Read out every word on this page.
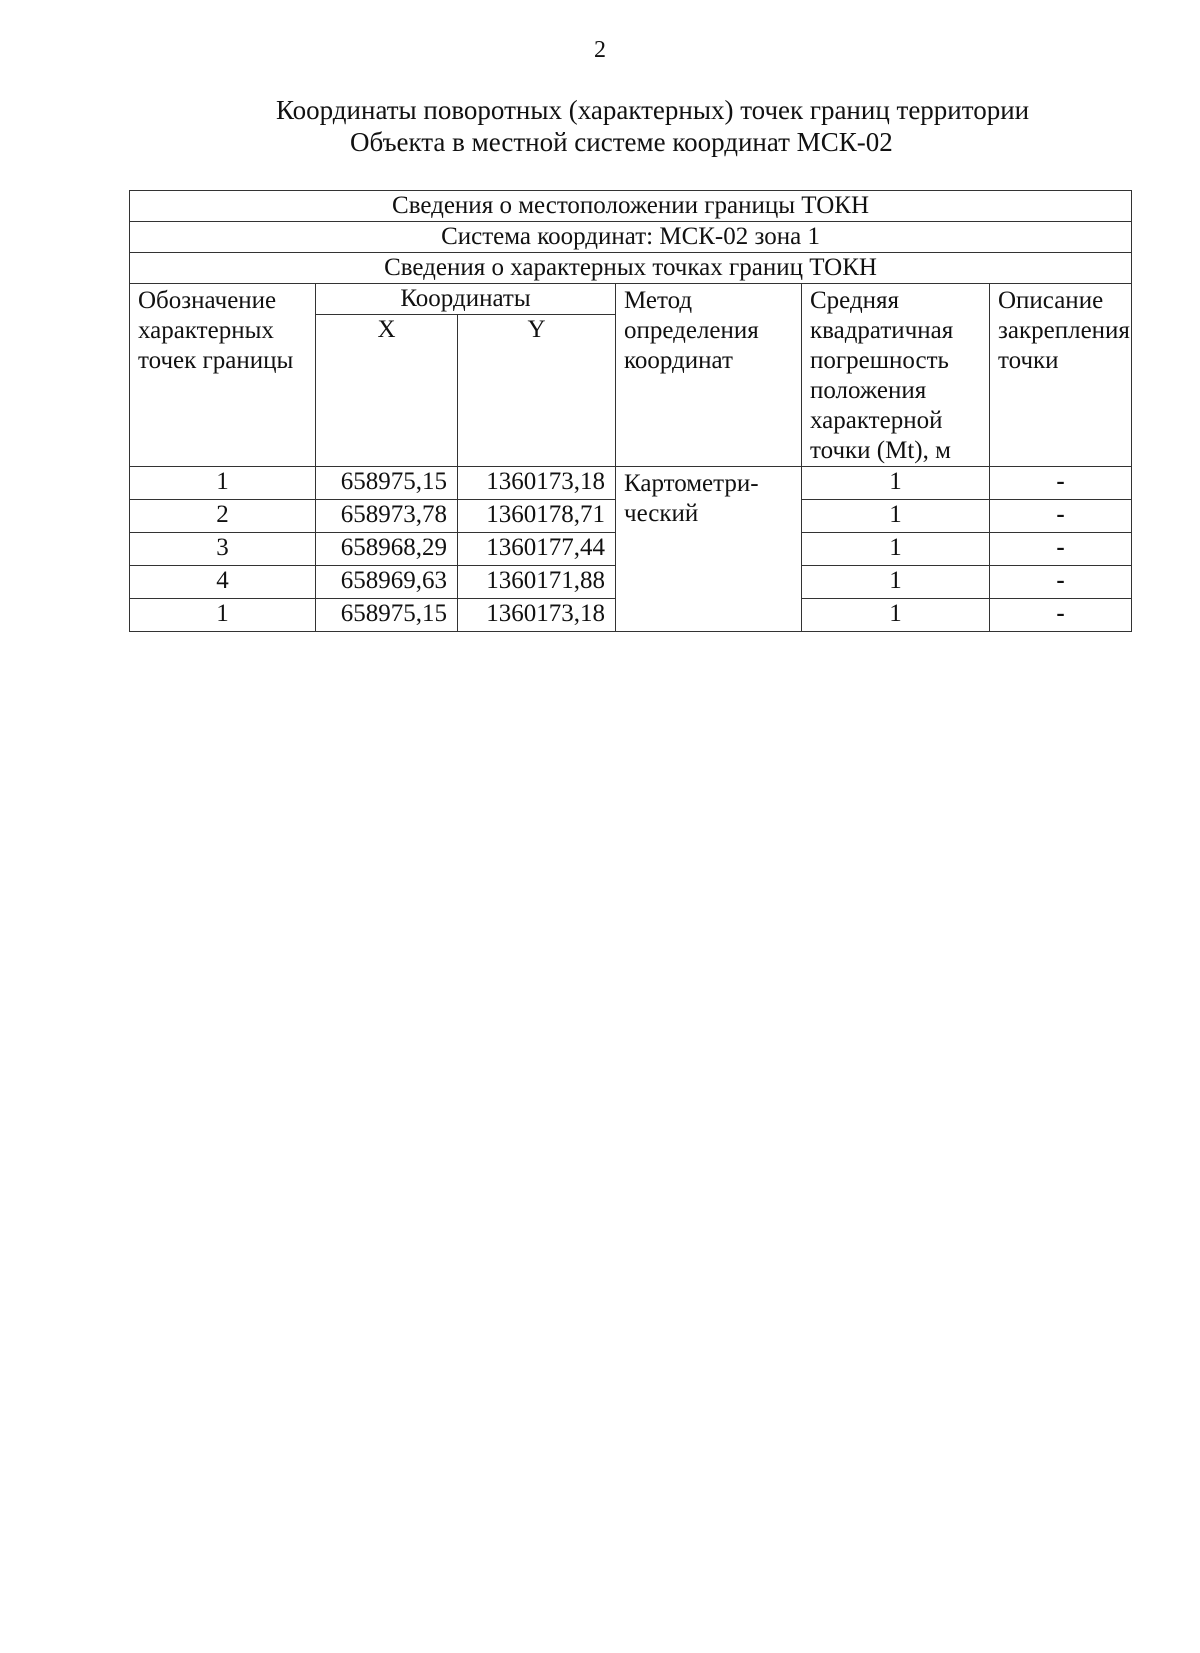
2
Координаты поворотных (характерных) точек границ территории
Объекта в местной системе координат МСК-02
Сведения о местоположении границы ТОКН					
Система координат: МСК-02 зона 1					
Сведения о характерных точках границ ТОКН					
Обозначение характерных точек границы	Координаты		Метод определения координат	Средняя квадратичная погрешность положения характерной точки (Mt), м	Описание закрепления точки
	X	Y			
1	658975,15	1360173,18	Картометри-ческий	1	-
2	658973,78	1360178,71		1	-
3	658968,29	1360177,44		1	-
4	658969,63	1360171,88		1	-
1	658975,15	1360173,18		1	-
